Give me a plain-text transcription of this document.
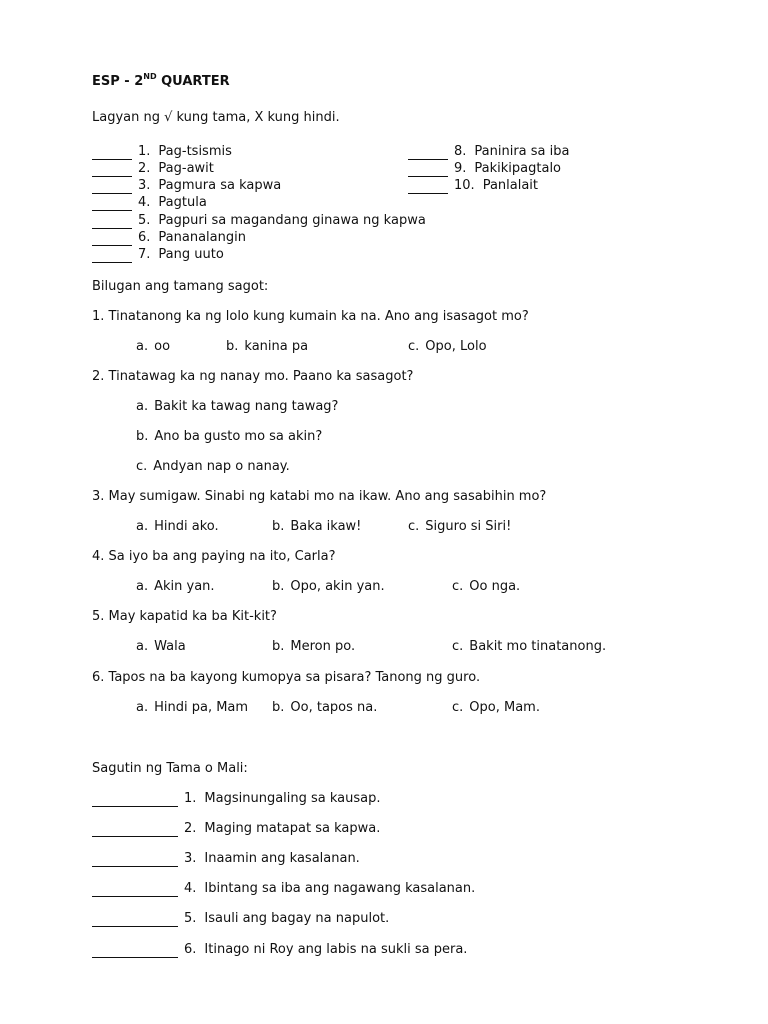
ESP - 2ND QUARTER
Lagyan ng √ kung tama, X kung hindi.
1. Pag-tsismis
2. Pag-awit
3. Pagmura sa kapwa
4. Pagtula
5. Pagpuri sa magandang ginawa ng kapwa
6. Pananalangin
7. Pang uuto
8. Paninira sa iba
9. Pakikipagtalo
10. Panlalait
Bilugan ang tamang sagot:
1. Tinatanong ka ng lolo kung kumain ka na. Ano ang isasagot mo?
a. oo	b. kanina pa	c. Opo, Lolo
2. Tinatawag ka ng nanay mo. Paano ka sasagot?
a. Bakit ka tawag nang tawag?
b. Ano ba gusto mo sa akin?
c. Andyan nap o nanay.
3. May sumigaw. Sinabi ng katabi mo na ikaw. Ano ang sasabihin mo?
a. Hindi ako.	b. Baka ikaw!	c. Siguro si Siri!
4. Sa iyo ba ang paying na ito, Carla?
a. Akin yan.	b. Opo, akin yan.	c. Oo nga.
5. May kapatid ka ba Kit-kit?
a. Wala	b. Meron po.	c. Bakit mo tinatanong.
6. Tapos na ba kayong kumopya sa pisara? Tanong ng guro.
a. Hindi pa, Mam b. Oo, tapos na.	c. Opo, Mam.
Sagutin ng Tama o Mali:
1. Magsinungaling sa kausap.
2. Maging matapat sa kapwa.
3. Inaamin ang kasalanan.
4. Ibintang sa iba ang nagawang kasalanan.
5. Isauli ang bagay na napulot.
6. Itinago ni Roy ang labis na sukli sa pera.
